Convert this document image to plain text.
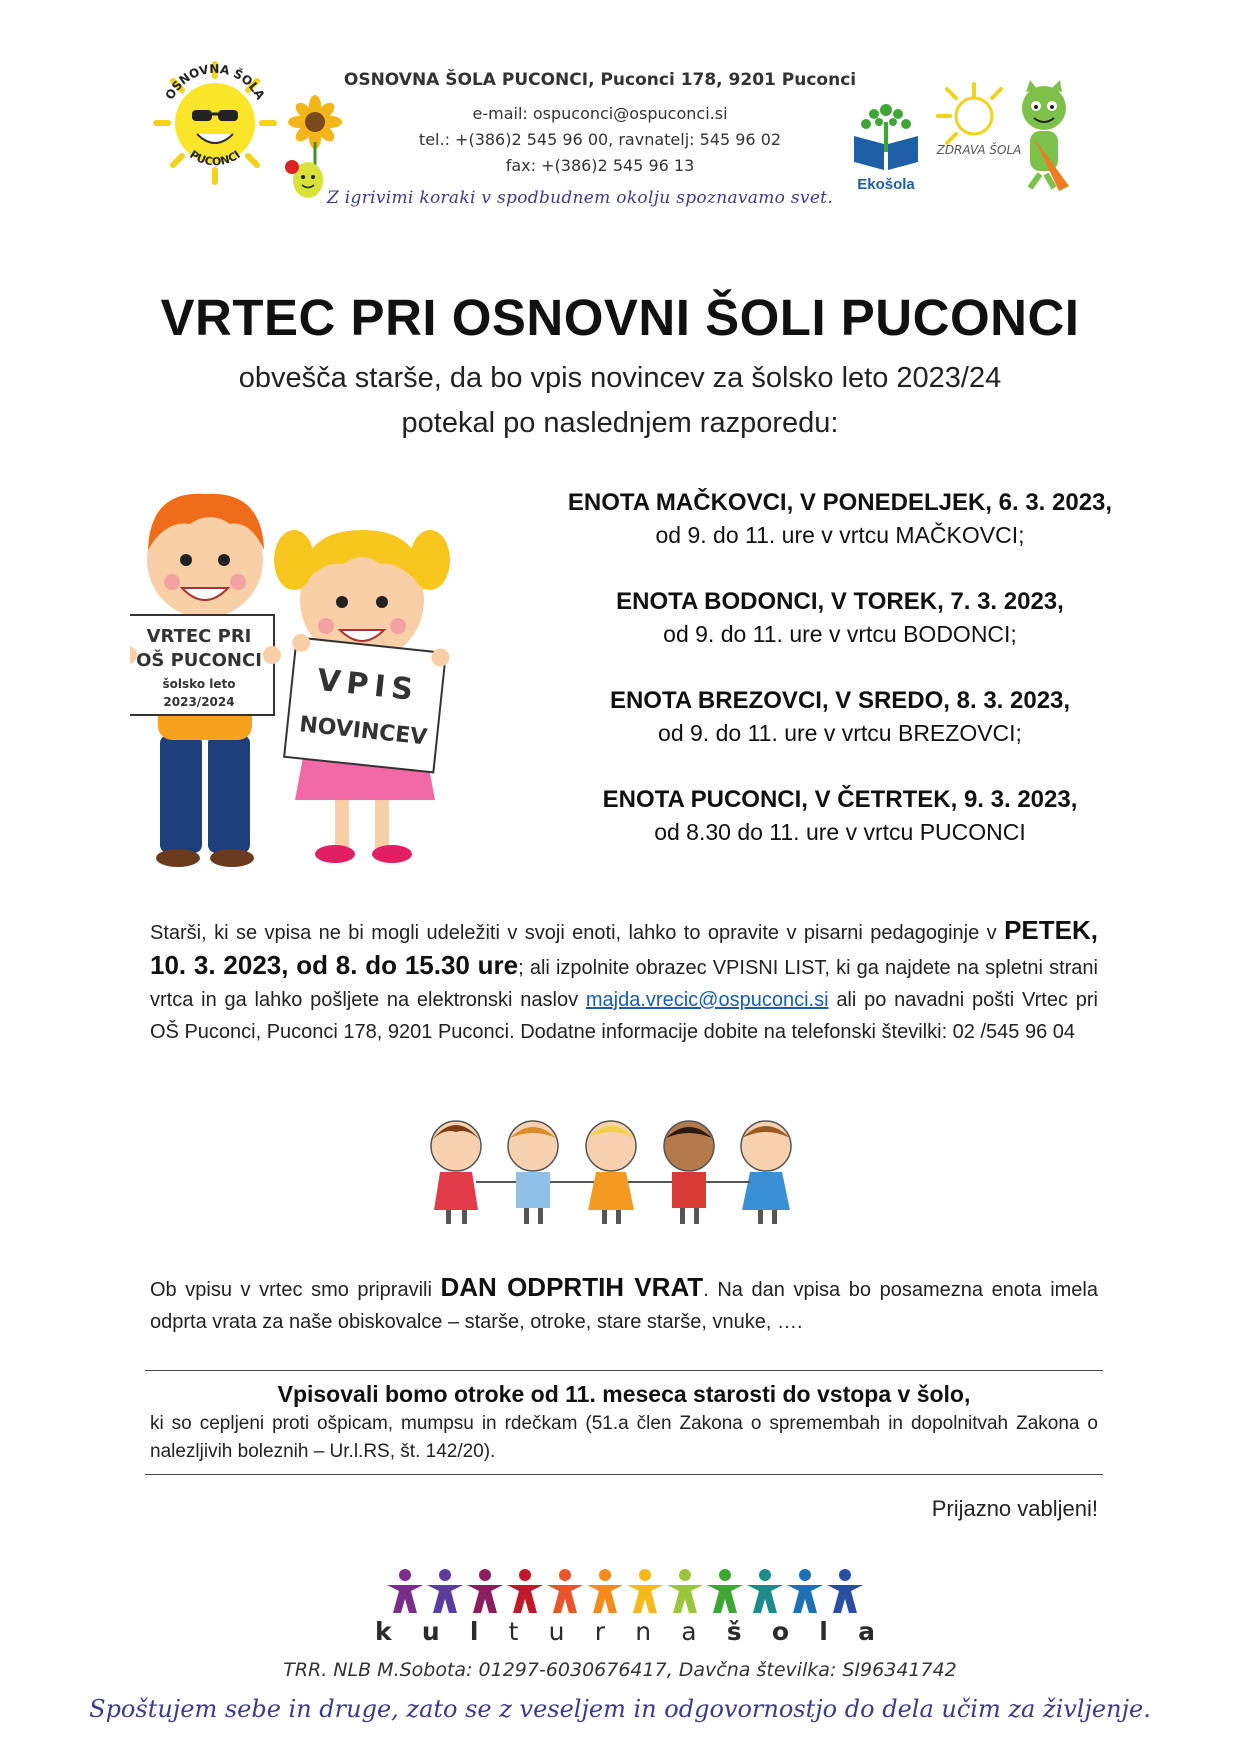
OSNOVNA ŠOLA
PUCONCI
OSNOVNA ŠOLA PUCONCI, Puconci 178, 9201 Puconci
e-mail: ospuconci@ospuconci.si
tel.: +(386)2 545 96 00, ravnatelj: 545 96 02
fax: +(386)2 545 96 13
Z igrivimi koraki v spodbudnem okolju spoznavamo svet.
Ekošola
ZDRAVA ŠOLA
VRTEC PRI OSNOVNI ŠOLI PUCONCI
obvešča starše, da bo vpis novincev za šolsko leto 2023/24
potekal po naslednjem razporedu:
VRTEC PRI
OŠ PUCONCI
šolsko leto
2023/2024	VPIS
NOVINCEV
ENOTA MAČKOVCI, V PONEDELJEK, 6. 3. 2023,
od 9. do 11. ure v vrtcu MAČKOVCI;
ENOTA BODONCI, V TOREK, 7. 3. 2023,
od 9. do 11. ure v vrtcu BODONCI;
ENOTA BREZOVCI, V SREDO, 8. 3. 2023,
od 9. do 11. ure v vrtcu BREZOVCI;
ENOTA PUCONCI, V ČETRTEK, 9. 3. 2023,
od 8.30 do 11. ure v vrtcu PUCONCI

Starši, ki se vpisa ne bi mogli udeležiti v svoji enoti, lahko to opravite v pisarni pedagoginje v PETEK, 10. 3. 2023, od 8. do 15.30 ure; ali izpolnite obrazec VPISNI LIST, ki ga najdete na spletni strani vrtca in ga lahko pošljete na elektronski naslov majda.vrecic@ospuconci.si ali po navadni pošti Vrtec pri OŠ Puconci, Puconci 178, 9201 Puconci. Dodatne informacije dobite na telefonski številki: 02 /545 96 04

Ob vpisu v vrtec smo pripravili DAN ODPRTIH VRAT. Na dan vpisa bo posamezna enota imela odprta vrata za naše obiskovalce – starše, otroke, stare starše, vnuke, ….

Vpisovali bomo otroke od 11. meseca starosti do vstopa v šolo,
ki so cepljeni proti ošpicam, mumpsu in rdečkam (51.a člen Zakona o spremembah in dopolnitvah Zakona o nalezljivih boleznih – Ur.l.RS, št. 142/20).
Prijazno vabljeni!
k u l t u r n a š o l a
TRR. NLB M.Sobota: 01297-6030676417, Davčna številka: SI96341742
Spoštujem sebe in druge, zato se z veseljem in odgovornostjo do dela učim za življenje.
